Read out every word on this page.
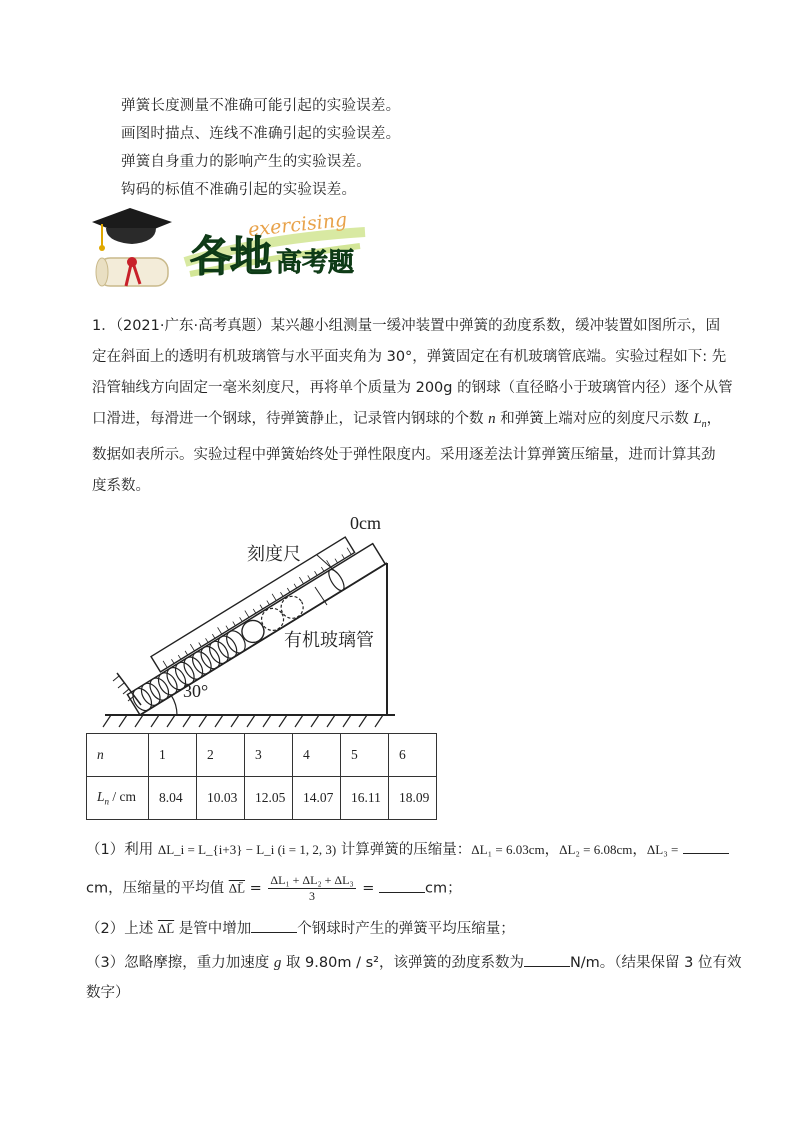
弹簧长度测量不准确可能引起的实验误差。
画图时描点、连线不准确引起的实验误差。
弹簧自身重力的影响产生的实验误差。
钩码的标值不准确引起的实验误差。
exercising
各地 高考题

1．（2021·广东·高考真题）某兴趣小组测量一缓冲装置中弹簧的劲度系数，缓冲装置如图所示，固

定在斜面上的透明有机玻璃管与水平面夹角为 30°，弹簧固定在有机玻璃管底端。实验过程如下: 先

沿管轴线方向固定一毫米刻度尺，再将单个质量为 200g 的钢球（直径略小于玻璃管内径）逐个从管

口滑进，每滑进一个钢球，待弹簧静止，记录管内钢球的个数 n 和弹簧上端对应的刻度尺示数 $L_n$，

数据如表所示。实验过程中弹簧始终处于弹性限度内。采用逐差法计算弹簧压缩量，进而计算其劲

度系数。

0cm
刻度尺
有机玻璃管
30°
n	1	2	3	4	5	6
$L_n$ / cm	8.04	10.03	12.05	14.07	16.11	18.09
（1）利用 ΔL_i = L_{i+3} − L_i (i = 1, 2, 3) 计算弹簧的压缩量：ΔL₁ = 6.03cm，ΔL₂ = 6.08cm，ΔL₃ =
cm，压缩量的平均值 ΔL̄ = $\frac{\text{ΔL₁ + ΔL₂ + ΔL₃}}{3}$ =	cm；
（2）上述 ΔL̄ 是管中增加	个钢球时产生的弹簧平均压缩量；
（3）忽略摩擦，重力加速度 g 取 9.80m / s²，该弹簧的劲度系数为	N/m。（结果保留 3 位有效
数字）
